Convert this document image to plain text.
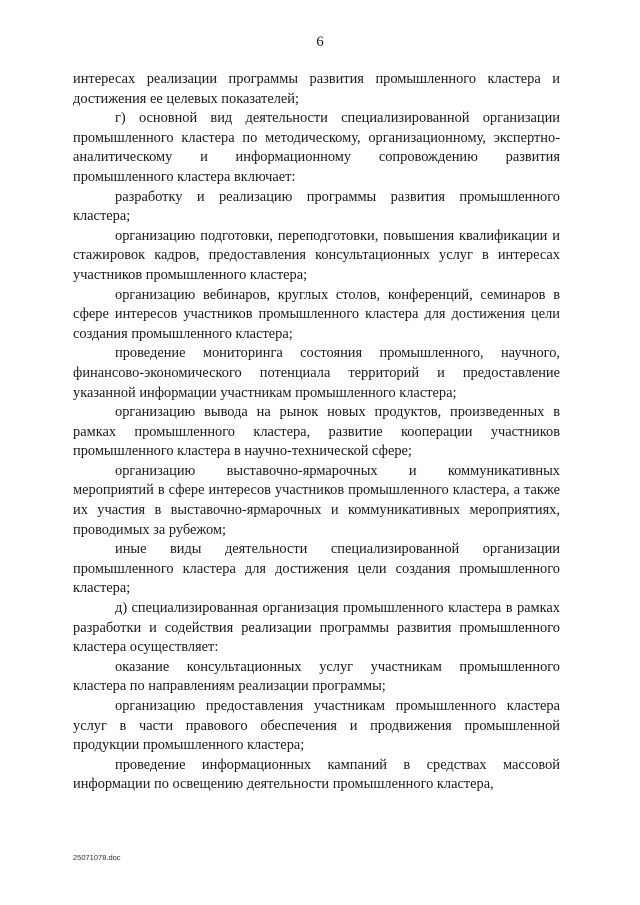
6

интересах реализации программы развития промышленного кластера и достижения ее целевых показателей;

г) основной вид деятельности специализированной организации промышленного кластера по методическому, организационному, экспертно-аналитическому и информационному сопровождению развития промышленного кластера включает:

разработку и реализацию программы развития промышленного кластера;

организацию подготовки, переподготовки, повышения квалификации и стажировок кадров, предоставления консультационных услуг в интересах участников промышленного кластера;

организацию вебинаров, круглых столов, конференций, семинаров в сфере интересов участников промышленного кластера для достижения цели создания промышленного кластера;

проведение мониторинга состояния промышленного, научного, финансово-экономического потенциала территорий и предоставление указанной информации участникам промышленного кластера;

организацию вывода на рынок новых продуктов, произведенных в рамках промышленного кластера, развитие кооперации участников промышленного кластера в научно-технической сфере;

организацию выставочно-ярмарочных и коммуникативных мероприятий в сфере интересов участников промышленного кластера, а также их участия в выставочно-ярмарочных и коммуникативных мероприятиях, проводимых за рубежом;

иные виды деятельности специализированной организации промышленного кластера для достижения цели создания промышленного кластера;

д) специализированная организация промышленного кластера в рамках разработки и содействия реализации программы развития промышленного кластера осуществляет:

оказание консультационных услуг участникам промышленного кластера по направлениям реализации программы;

организацию предоставления участникам промышленного кластера услуг в части правового обеспечения и продвижения промышленной продукции промышленного кластера;

проведение информационных кампаний в средствах массовой информации по освещению деятельности промышленного кластера,

25071078.doc
